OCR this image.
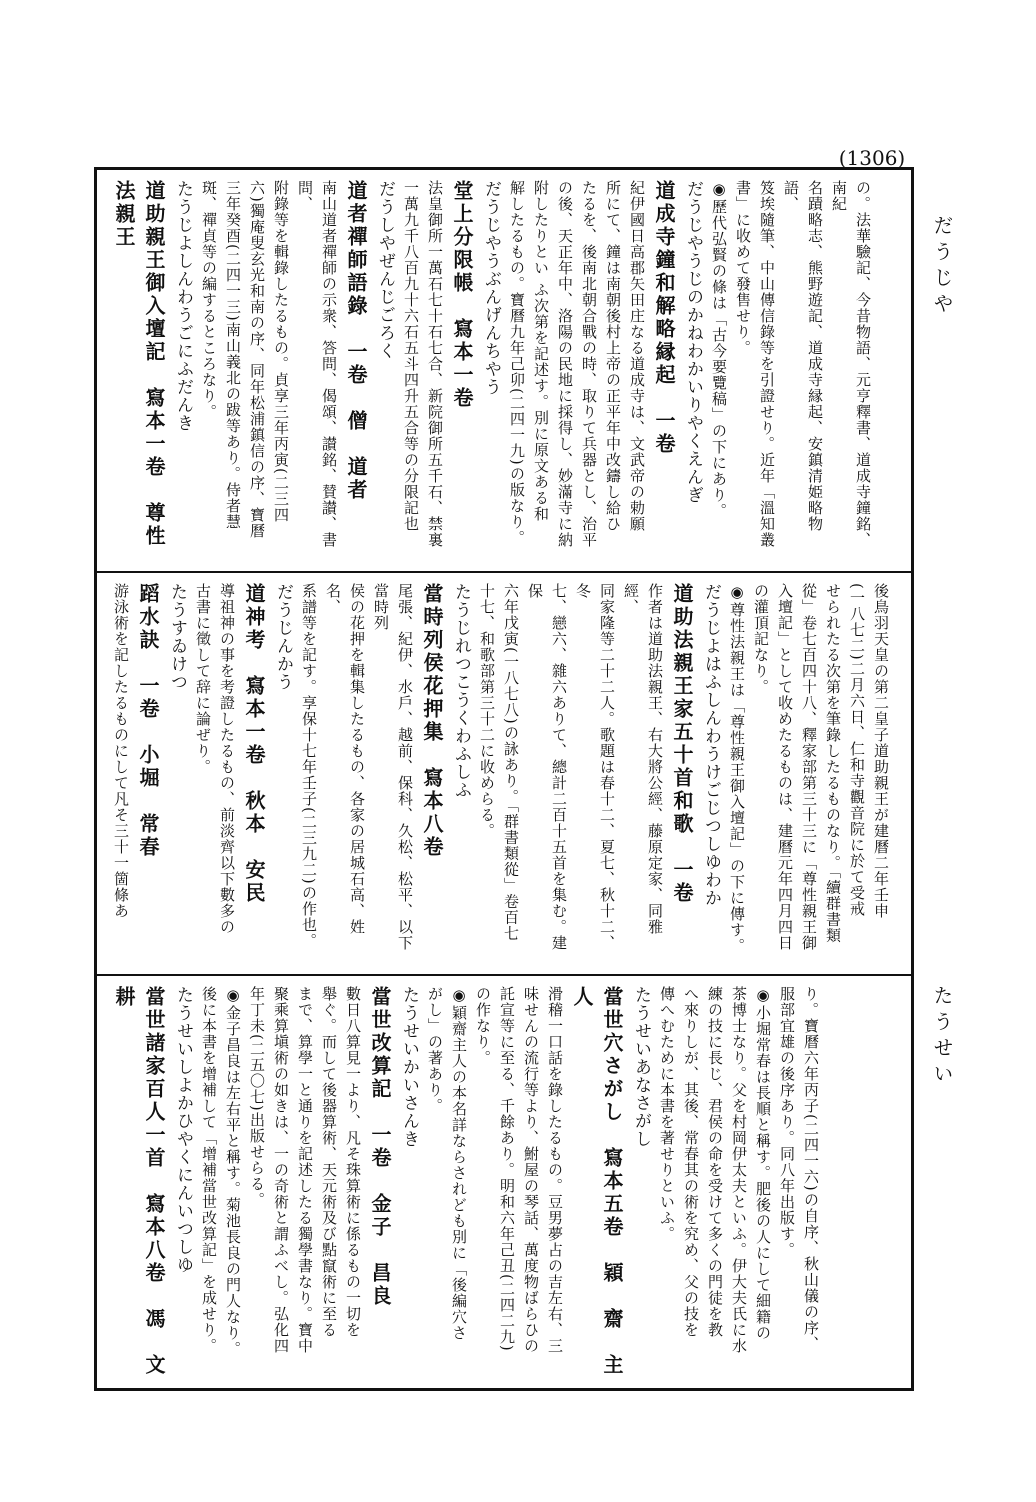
(1306)
だうじや
たうせい
の。法華驗記、今昔物語、元亨釋書、道成寺鐘銘、南紀
名蹟略志、熊野遊記、道成寺縁起、安鎮清姫略物語、
笈埃隨筆、中山傳信錄等を引證せり。近年「溫知叢
書」に收めて發售せり。
◉歷代弘賢の條は「古今要覽稿」の下にあり。
だうじやうじのかねわかいりやくえんぎ
道成寺鐘和解略縁起　一卷
紀伊國日高郡矢田庄なる道成寺は、文武帝の勅願
所にて、鐘は南朝後村上帝の正平年中改鑄し給ひ
たるを、後南北朝合戰の時、取りて兵器とし、治平
の後、天正年中、洛陽の民地に採得し、妙滿寺に納
附したりとい ふ次第を記述す。別に原文ある和
解したるもの。寶曆九年己卯(二四一九)の版なり。
だうじやうぶんげんちやう
堂上分限帳　寫本一卷
法皇御所一萬石七十石七合、新院御所五千石、禁裏
一萬九千八百九十六石五斗四升五合等の分限記也
だうしやぜんじごろく
道者禪師語錄　一卷　僧　道者
南山道者禪師の示衆、答問、偈頌、讃銘、賛讃、書問、
附錄等を輯錄したるもの。貞享三年丙寅(二三四
六)獨庵叟玄光和南の序、同年松浦鎮信の序、寶曆
三年癸酉(二四一三)南山義北の跋等あり。侍者慧
斑、禪貞等の編するところなり。
たうじよしんわうごにふだんき
道助親王御入壇記　寫本一卷　尊性法親王
後鳥羽天皇の第二皇子道助親王が建曆二年壬申
(一八七二)二月六日、仁和寺觀音院に於て受戒
せられたる次第を筆錄したるものなり。「續群書類
從」卷七百四十八、釋家部第三十三に「尊性親王御
入壇記」として收めたるものは、建曆元年四月四日
の灌頂記なり。
◉尊性法親王は「尊性親王御入壇記」の下に傳す。
だうじよはふしんわうけごじつしゆわか
道助法親王家五十首和歌　一卷
作者は道助法親王、右大將公經、藤原定家、同雅經、
同家隆等二十二人。歌題は春十二、夏七、秋十二、冬
七、戀六、雜六ありて、總計二百十五首を集む。建保
六年戊寅(一八七八)の詠あり。「群書類從」卷百七
十七、和歌部第三十二に收めらる。
たうじれつこうくわふしふ
當時列侯花押集　寫本八卷
尾張、紀伊、水戶、越前、保科、久松、松平、以下當時列
侯の花押を輯集したるもの、各家の居城石高、姓名、
系譜等を記す。享保十七年壬子(二三九二)の作也。
だうじんかう
道神考　寫本一卷　秋本　安民
導祖神の事を考證したるもの、前淡齊以下數多の
古書に徵して辞に論ぜり。
たうすゐけつ
蹈水訣　一卷　小堀　常春
游泳術を記したるものにして凡そ三十一箇條あ
り。寶曆六年丙子(二四一六)の自序、秋山儀の序、
服部宜雄の後序あり。同八年出版す。
◉小堀常春は長順と稱す。肥後の人にして細籍の
茶博士なり。父を村岡伊太夫といふ。伊大夫氏に水
練の技に長じ、君侯の命を受けて多くの門徒を教
へ來りしが、其後、常春其の術を究め、父の技を
傳へむために本書を著せりといふ。
たうせいあなさがし
當世穴さがし　寫本五卷　穎　齋　主　人
滑稽一口話を錄したるもの。豆男夢占の吉左右、三
味せんの流行等より、鮒屋の琴話、萬度物ばらひの
託宣等に至る、千餘あり。明和六年己丑(二四二九)
の作なり。
◉穎齋主人の本名詳ならされども別に「後編穴さ
がし」の著あり。
たうせいかいさんき
當世改算記　一卷　金子　昌良
數日八算見一より、凡そ珠算術に係るもの一切を
舉ぐ。而して後器算術、天元術及び點竄術に至る
まで、算學一と通りを記述したる獨學書なり。寶中
聚乘算塡術の如きは、一の奇術と謂ふべし。弘化四
年丁未(二五〇七)出版せらる。
◉金子昌良は左右平と稱す。菊池長良の門人なり。
後に本書を增補して「增補當世改算記」を成せり。
たうせいしよかひやくにんいつしゆ
當世諸家百人一首　寫本八卷　馮　文　耕
